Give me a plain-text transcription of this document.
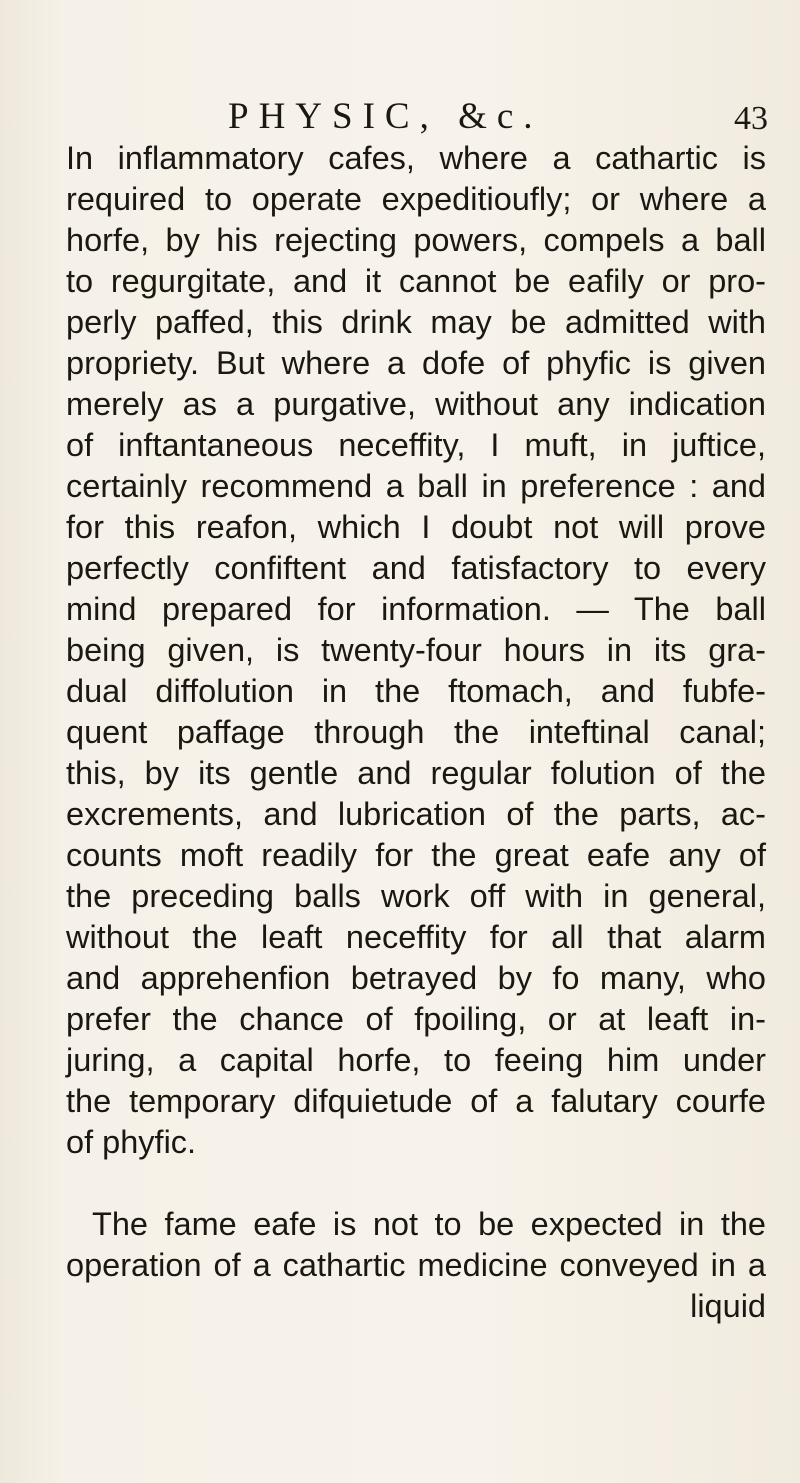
PHYSIC, &c.	43
In inflammatory cafes, where a cathartic is
required to operate expeditioufly; or where a
horfe, by his rejecting powers, compels a ball
to regurgitate, and it cannot be eafily or pro-
perly paffed, this drink may be admitted with
propriety. But where a dofe of phyfic is given
merely as a purgative, without any indication
of inftantaneous neceffity, I muft, in juftice,
certainly recommend a ball in preference : and
for this reafon, which I doubt not will prove
perfectly confiftent and fatisfactory to every
mind prepared for information. — The ball
being given, is twenty-four hours in its gra-
dual diffolution in the ftomach, and fubfe-
quent paffage through the inteftinal canal;
this, by its gentle and regular folution of the
excrements, and lubrication of the parts, ac-
counts moft readily for the great eafe any of
the preceding balls work off with in general,
without the leaft neceffity for all that alarm
and apprehenfion betrayed by fo many, who
prefer the chance of fpoiling, or at leaft in-
juring, a capital horfe, to feeing him under
the temporary difquietude of a falutary courfe
of phyfic.
The fame eafe is not to be expected in the
operation of a cathartic medicine conveyed in a
liquid
